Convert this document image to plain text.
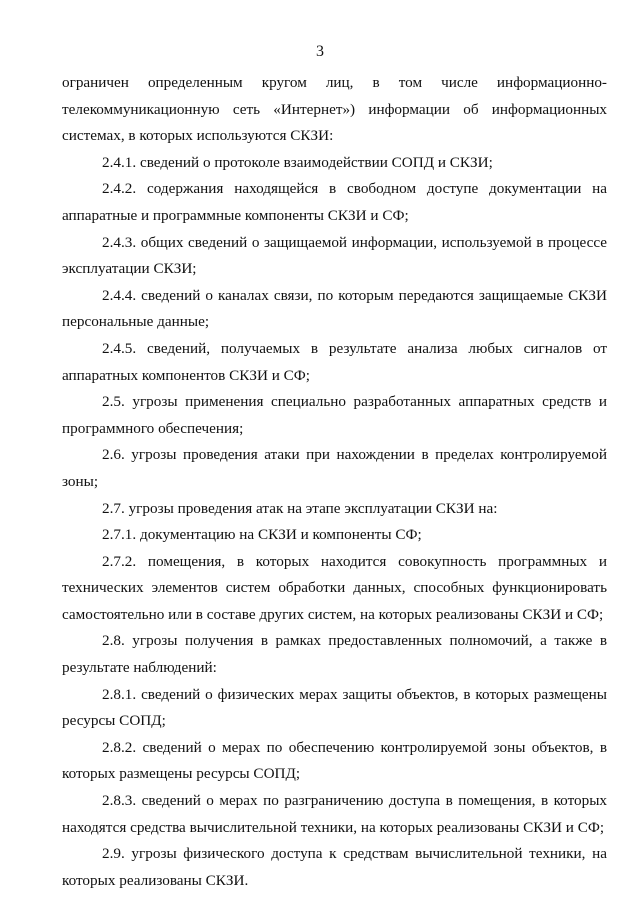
3

ограничен определенным кругом лиц, в том числе информационно-телекоммуникационную сеть «Интернет») информации об информационных системах, в которых используются СКЗИ:

2.4.1. сведений о протоколе взаимодействии СОПД и СКЗИ;

2.4.2. содержания находящейся в свободном доступе документации на аппаратные и программные компоненты СКЗИ и СФ;

2.4.3. общих сведений о защищаемой информации, используемой в процессе эксплуатации СКЗИ;

2.4.4. сведений о каналах связи, по которым передаются защищаемые СКЗИ персональные данные;

2.4.5. сведений, получаемых в результате анализа любых сигналов от аппаратных компонентов СКЗИ и СФ;

2.5. угрозы применения специально разработанных аппаратных средств и программного обеспечения;

2.6. угрозы проведения атаки при нахождении в пределах контролируемой зоны;

2.7. угрозы проведения атак на этапе эксплуатации СКЗИ на:

2.7.1. документацию на СКЗИ и компоненты СФ;

2.7.2. помещения, в которых находится совокупность программных и технических элементов систем обработки данных, способных функционировать самостоятельно или в составе других систем, на которых реализованы СКЗИ и СФ;

2.8. угрозы получения в рамках предоставленных полномочий, а также в результате наблюдений:

2.8.1. сведений о физических мерах защиты объектов, в которых размещены ресурсы СОПД;

2.8.2. сведений о мерах по обеспечению контролируемой зоны объектов, в которых размещены ресурсы СОПД;

2.8.3. сведений о мерах по разграничению доступа в помещения, в которых находятся средства вычислительной техники, на которых реализованы СКЗИ и СФ;

2.9. угрозы физического доступа к средствам вычислительной техники, на которых реализованы СКЗИ.
